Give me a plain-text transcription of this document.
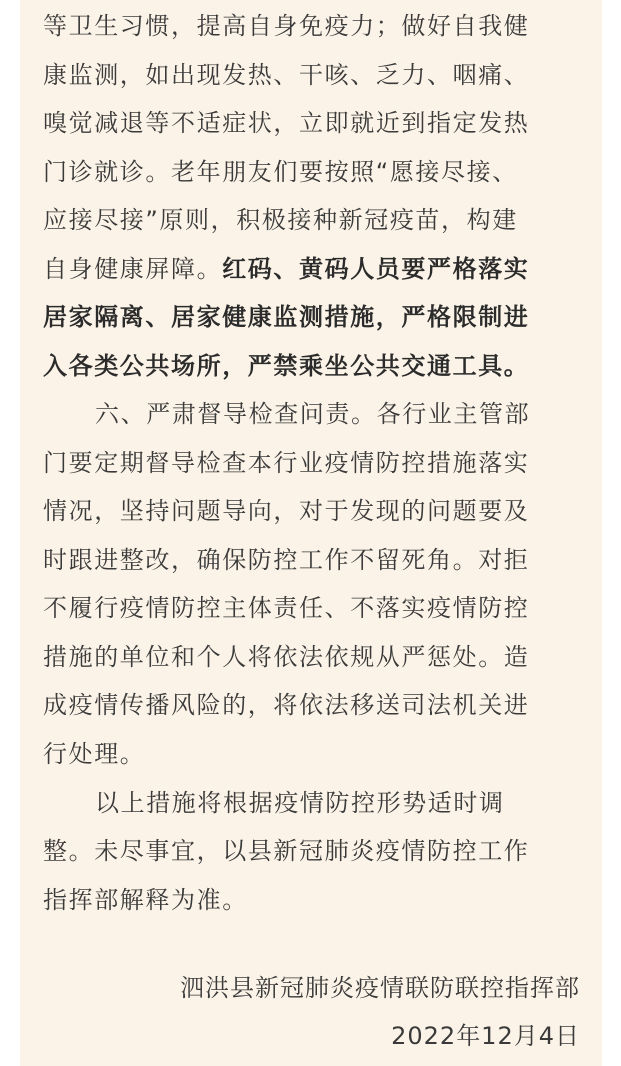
等卫生习惯，提高自身免疫力；做好自我健
康监测，如出现发热、干咳、乏力、咽痛、
嗅觉减退等不适症状，立即就近到指定发热
门诊就诊。老年朋友们要按照“愿接尽接、
应接尽接”原则，积极接种新冠疫苗，构建
自身健康屏障。红码、黄码人员要严格落实
居家隔离、居家健康监测措施，严格限制进
入各类公共场所，严禁乘坐公共交通工具。
六、严肃督导检查问责。各行业主管部
门要定期督导检查本行业疫情防控措施落实
情况，坚持问题导向，对于发现的问题要及
时跟进整改，确保防控工作不留死角。对拒
不履行疫情防控主体责任、不落实疫情防控
措施的单位和个人将依法依规从严惩处。造
成疫情传播风险的，将依法移送司法机关进
行处理。
以上措施将根据疫情防控形势适时调
整。未尽事宜，以县新冠肺炎疫情防控工作
指挥部解释为准。
泗洪县新冠肺炎疫情联防联控指挥部
2022年12月4日
